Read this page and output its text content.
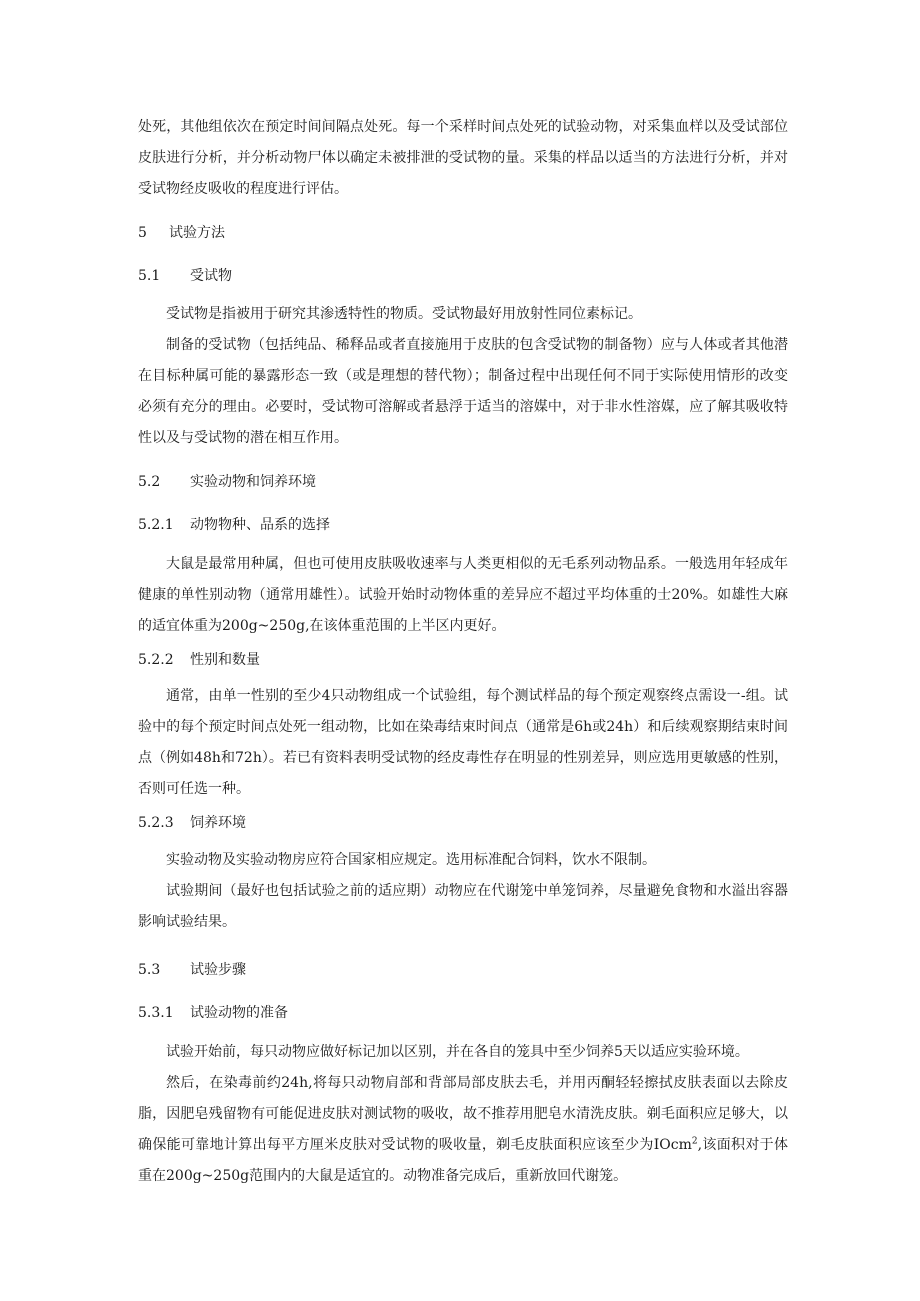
处死，其他组依次在预定时间间隔点处死。每一个采样时间点处死的试验动物，对采集血样以及受试部位皮肤进行分析，并分析动物尸体以确定未被排泄的受试物的量。采集的样品以适当的方法进行分析，并对受试物经皮吸收的程度进行评估。

5 试验方法
5.1 受试物

受试物是指被用于研究其渗透特性的物质。受试物最好用放射性同位素标记。

制备的受试物（包括纯品、稀释品或者直接施用于皮肤的包含受试物的制备物）应与人体或者其他潜在目标种属可能的暴露形态一致（或是理想的替代物）；制备过程中出现任何不同于实际使用情形的改变必须有充分的理由。必要时，受试物可溶解或者悬浮于适当的溶媒中，对于非水性溶媒，应了解其吸收特性以及与受试物的潜在相互作用。

5.2 实验动物和饲养环境
5.2.1 动物物种、品系的选择

大鼠是最常用种属，但也可使用皮肤吸收速率与人类更相似的无毛系列动物品系。一般选用年轻成年健康的单性别动物（通常用雄性）。试验开始时动物体重的差异应不超过平均体重的士20%。如雄性大麻的适宜体重为200g~250g,在该体重范围的上半区内更好。

5.2.2 性别和数量

通常，由单一性别的至少4只动物组成一个试验组，每个测试样品的每个预定观察终点需设一-组。试验中的每个预定时间点处死一组动物，比如在染毒结束时间点（通常是6h或24h）和后续观察期结束时间点（例如48h和72h）。若已有资料表明受试物的经皮毒性存在明显的性别差异，则应选用更敏感的性别，否则可任选一种。

5.2.3 饲养环境

实验动物及实验动物房应符合国家相应规定。选用标准配合饲料，饮水不限制。

试验期间（最好也包括试验之前的适应期）动物应在代谢笼中单笼饲养，尽量避免食物和水溢出容器影响试验结果。

5.3 试验步骤
5.3.1 试验动物的准备

试验开始前，每只动物应做好标记加以区别，并在各自的笼具中至少饲养5天以适应实验环境。

然后，在染毒前约24h,将每只动物肩部和背部局部皮肤去毛，并用丙酮轻轻擦拭皮肤表面以去除皮脂，因肥皂残留物有可能促进皮肤对测试物的吸收，故不推荐用肥皂水清洗皮肤。剃毛面积应足够大，以确保能可靠地计算出每平方厘米皮肤对受试物的吸收量，剃毛皮肤面积应该至少为IOcm$^2$,该面积对于体重在200g~250g范围内的大鼠是适宜的。动物准备完成后，重新放回代谢笼。
